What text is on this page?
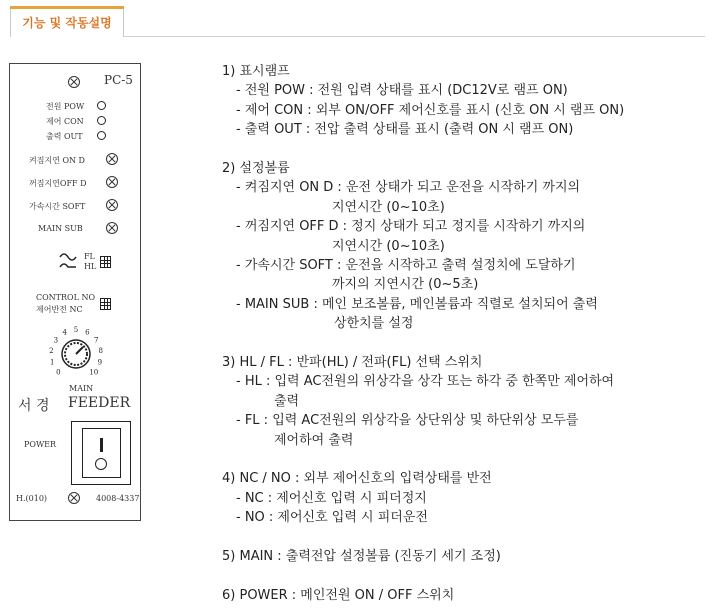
기능 및 작동설명
PC-5
전원 POW
제어 CON
출력 OUT
켜짐지연 ON D
꺼짐지연OFF D
가속시간 SOFT
MAIN SUB
FL
HL
CONTROL NO
제어반전 NC
0
1
2
3
4 5 6
7
8
9
10
MAIN
서 경 FEEDER
POWER
H.(010)	4008-4337
1) 표시램프
- 전원 POW : 전원 입력 상태를 표시 (DC12V로 램프 ON)
- 제어 CON : 외부 ON/OFF 제어신호를 표시 (신호 ON 시 램프 ON)
- 출력 OUT : 전압 출력 상태를 표시 (출력 ON 시 램프 ON)
2) 설정볼륨
- 켜짐지연 ON D : 운전 상태가 되고 운전을 시작하기 까지의
지연시간 (0~10초)
- 꺼짐지연 OFF D : 정지 상태가 되고 정지를 시작하기 까지의
지연시간 (0~10초)
- 가속시간 SOFT : 운전을 시작하고 출력 설정치에 도달하기
까지의 지연시간 (0~5초)
- MAIN SUB : 메인 보조볼륨, 메인볼륨과 직렬로 설치되어 출력
상한치를 설정
3) HL / FL : 반파(HL) / 전파(FL) 선택 스위치
- HL : 입력 AC전원의 위상각을 상각 또는 하각 중 한쪽만 제어하여
출력
- FL : 입력 AC전원의 위상각을 상단위상 및 하단위상 모두를
제어하여 출력
4) NC / NO : 외부 제어신호의 입력상태를 반전
- NC : 제어신호 입력 시 피더정지
- NO : 제어신호 입력 시 피더운전
5) MAIN : 출력전압 설정볼륨 (진동기 세기 조정)
6) POWER : 메인전원 ON / OFF 스위치
